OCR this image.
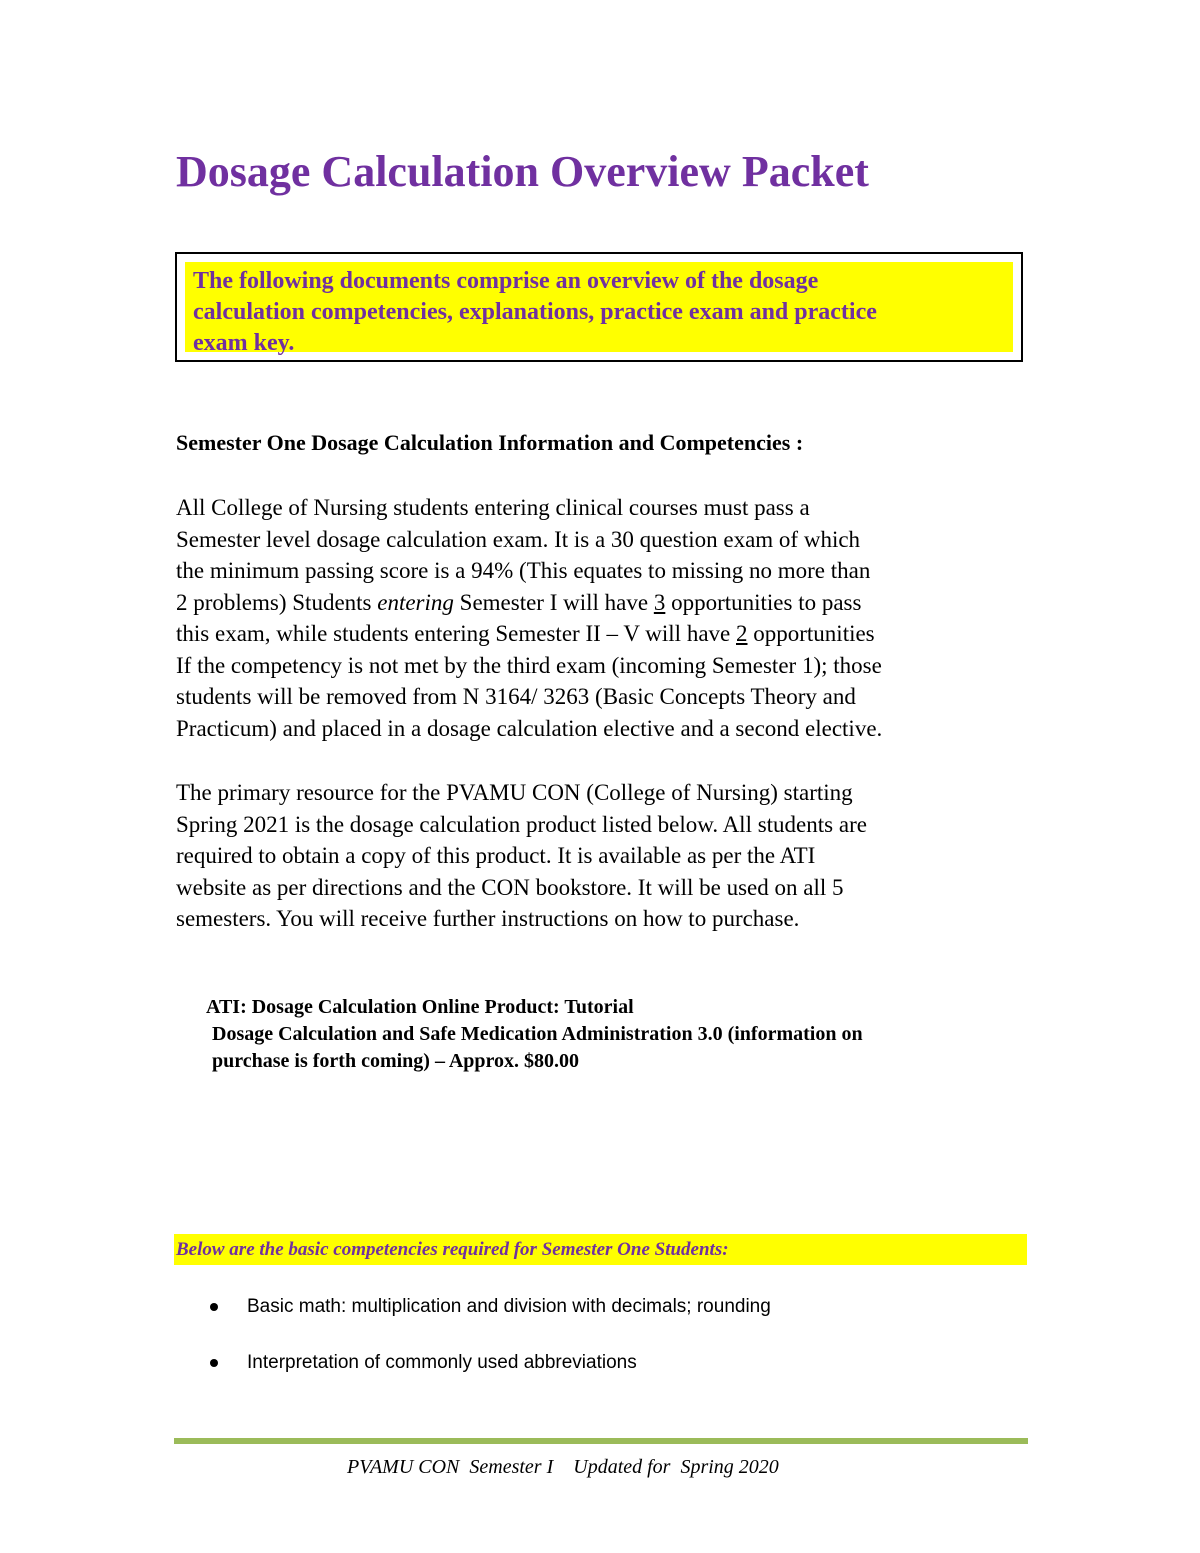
Dosage Calculation Overview Packet
The following documents comprise an overview of the dosage
calculation competencies, explanations, practice exam and practice
exam key.
Semester One Dosage Calculation Information and Competencies :
All College of Nursing students entering clinical courses must pass a
Semester level dosage calculation exam. It is a 30 question exam of which
the minimum passing score is a 94% (This equates to missing no more than
2 problems) Students entering Semester I will have 3 opportunities to pass
this exam, while students entering Semester II – V will have 2 opportunities
If the competency is not met by the third exam (incoming Semester 1); those
students will be removed from N 3164/ 3263 (Basic Concepts Theory and
Practicum) and placed in a dosage calculation elective and a second elective.
The primary resource for the PVAMU CON (College of Nursing) starting
Spring 2021 is the dosage calculation product listed below. All students are
required to obtain a copy of this product. It is available as per the ATI
website as per directions and the CON bookstore. It will be used on all 5
semesters. You will receive further instructions on how to purchase.
ATI: Dosage Calculation Online Product: Tutorial
Dosage Calculation and Safe Medication Administration 3.0 (information on
purchase is forth coming) – Approx. $80.00
Below are the basic competencies required for Semester One Students:
Basic math: multiplication and division with decimals; rounding
Interpretation of commonly used abbreviations
PVAMU CON  Semester I    Updated for  Spring 2020
